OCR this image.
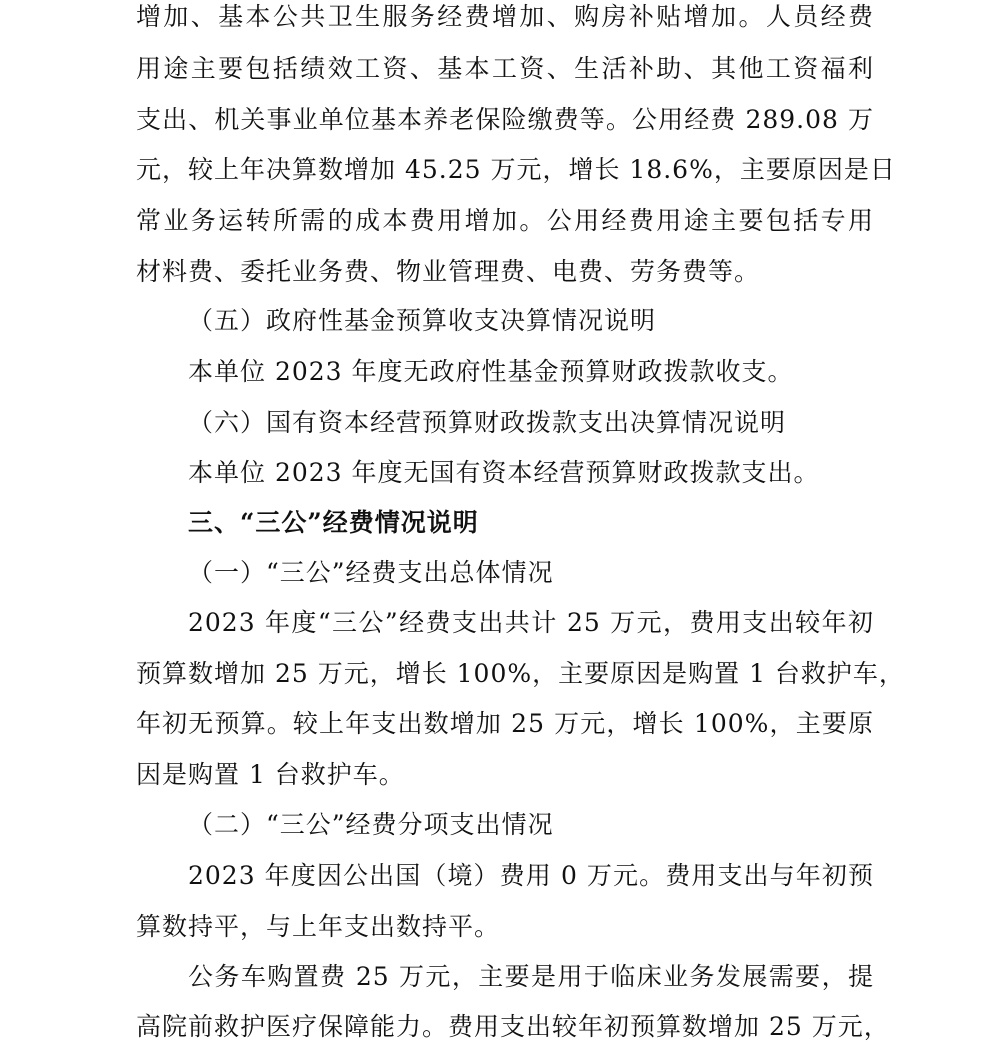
增加、基本公共卫生服务经费增加、购房补贴增加。人员经费
用途主要包括绩效工资、基本工资、生活补助、其他工资福利
支出、机关事业单位基本养老保险缴费等。公用经费 289.08 万
元，较上年决算数增加 45.25 万元，增长 18.6%，主要原因是日
常业务运转所需的成本费用增加。公用经费用途主要包括专用
材料费、委托业务费、物业管理费、电费、劳务费等。
（五）政府性基金预算收支决算情况说明
本单位 2023 年度无政府性基金预算财政拨款收支。
（六）国有资本经营预算财政拨款支出决算情况说明
本单位 2023 年度无国有资本经营预算财政拨款支出。
三、“三公”经费情况说明
（一）“三公”经费支出总体情况
2023 年度“三公”经费支出共计 25 万元，费用支出较年初
预算数增加 25 万元，增长 100%，主要原因是购置 1 台救护车，
年初无预算。较上年支出数增加 25 万元，增长 100%，主要原
因是购置 1 台救护车。
（二）“三公”经费分项支出情况
2023 年度因公出国（境）费用 0 万元。费用支出与年初预
算数持平，与上年支出数持平。
公务车购置费 25 万元，主要是用于临床业务发展需要，提
高院前救护医疗保障能力。费用支出较年初预算数增加 25 万元，
